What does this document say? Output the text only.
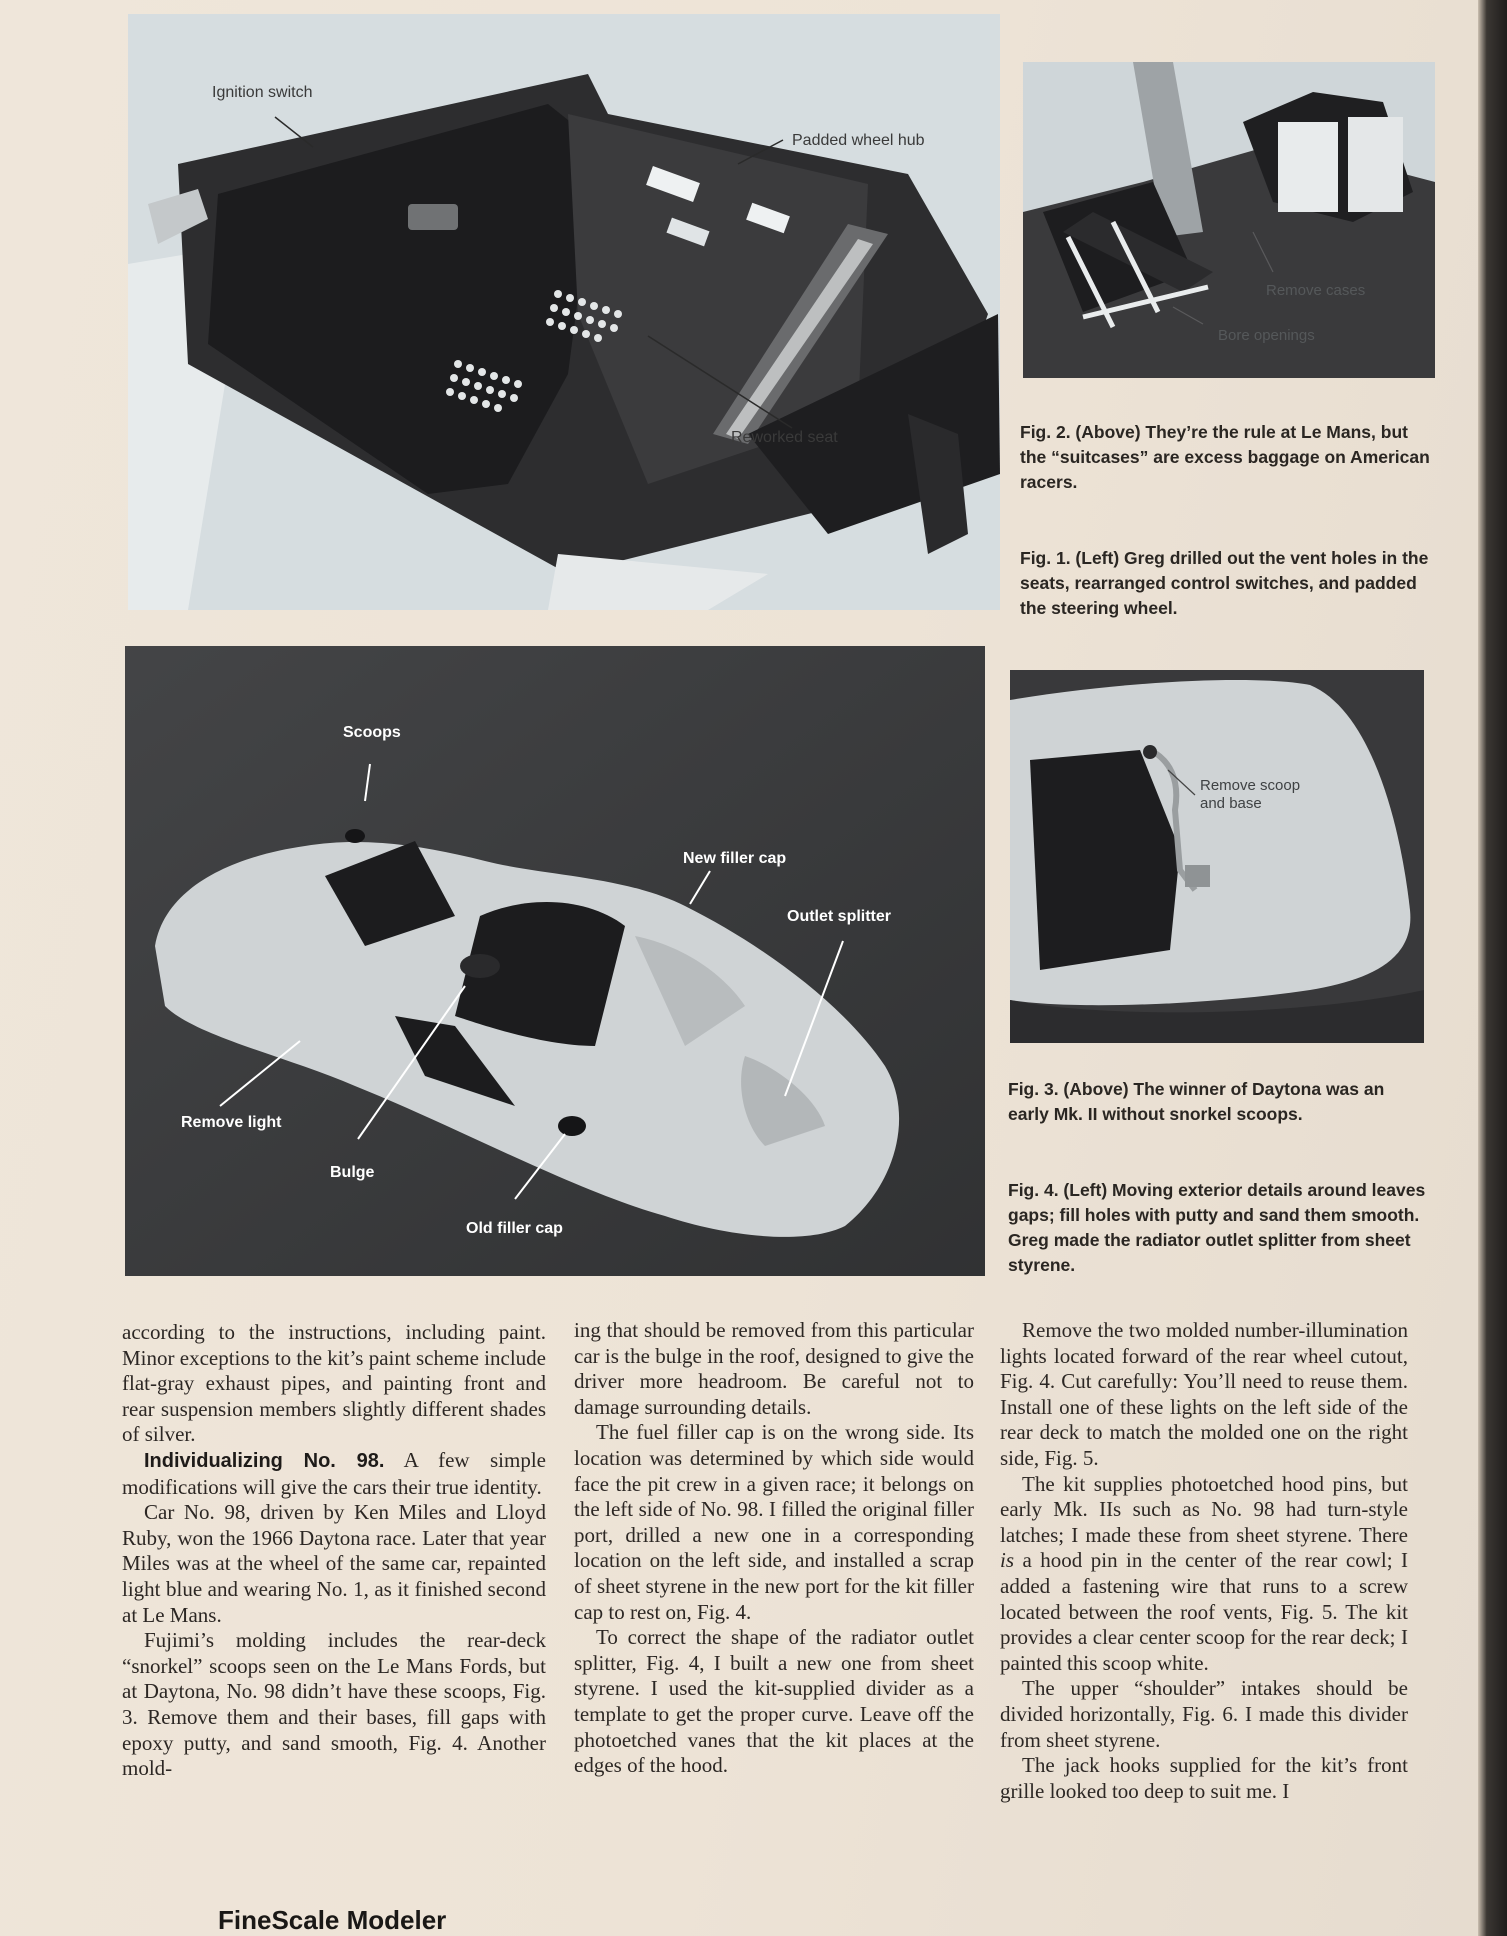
Ignition switch
Padded wheel hub
Reworked seat
Remove cases
Bore openings
Fig. 2. (Above) They’re the rule at Le Mans, but the “suitcases” are excess baggage on American racers.
Fig. 1. (Left) Greg drilled out the vent holes in the seats, rearranged control switches, and padded the steering wheel.
Scoops
New filler cap
Outlet splitter
Remove light
Bulge
Old filler cap
Remove scoop
and base
Fig. 3. (Above) The winner of Daytona was an early Mk. II without snorkel scoops.
Fig. 4. (Left) Moving exterior details around leaves gaps; fill holes with putty and sand them smooth. Greg made the radiator outlet splitter from sheet styrene.

according to the instructions, including paint. Minor exceptions to the kit’s paint scheme include flat-gray exhaust pipes, and painting front and rear suspension members slightly different shades of silver.

Individualizing No. 98. A few simple modifications will give the cars their true identity.

Car No. 98, driven by Ken Miles and Lloyd Ruby, won the 1966 Daytona race. Later that year Miles was at the wheel of the same car, repainted light blue and wearing No. 1, as it finished second at Le Mans.

Fujimi’s molding includes the rear-deck “snorkel” scoops seen on the Le Mans Fords, but at Daytona, No. 98 didn’t have these scoops, Fig. 3. Remove them and their bases, fill gaps with epoxy putty, and sand smooth, Fig. 4. Another mold-

ing that should be removed from this particular car is the bulge in the roof, designed to give the driver more headroom. Be careful not to damage surrounding details.

The fuel filler cap is on the wrong side. Its location was determined by which side would face the pit crew in a given race; it belongs on the left side of No. 98. I filled the original filler port, drilled a new one in a corresponding location on the left side, and installed a scrap of sheet styrene in the new port for the kit filler cap to rest on, Fig. 4.

To correct the shape of the radiator outlet splitter, Fig. 4, I built a new one from sheet styrene. I used the kit-supplied divider as a template to get the proper curve. Leave off the photoetched vanes that the kit places at the edges of the hood.

Remove the two molded number-illumination lights located forward of the rear wheel cutout, Fig. 4. Cut carefully: You’ll need to reuse them. Install one of these lights on the left side of the rear deck to match the molded one on the right side, Fig. 5.

The kit supplies photoetched hood pins, but early Mk. IIs such as No. 98 had turn-style latches; I made these from sheet styrene. There is a hood pin in the center of the rear cowl; I added a fastening wire that runs to a screw located between the roof vents, Fig. 5. The kit provides a clear center scoop for the rear deck; I painted this scoop white.

The upper “shoulder” intakes should be divided horizontally, Fig. 6. I made this divider from sheet styrene.

The jack hooks supplied for the kit’s front grille looked too deep to suit me. I

FineScale Modeler
